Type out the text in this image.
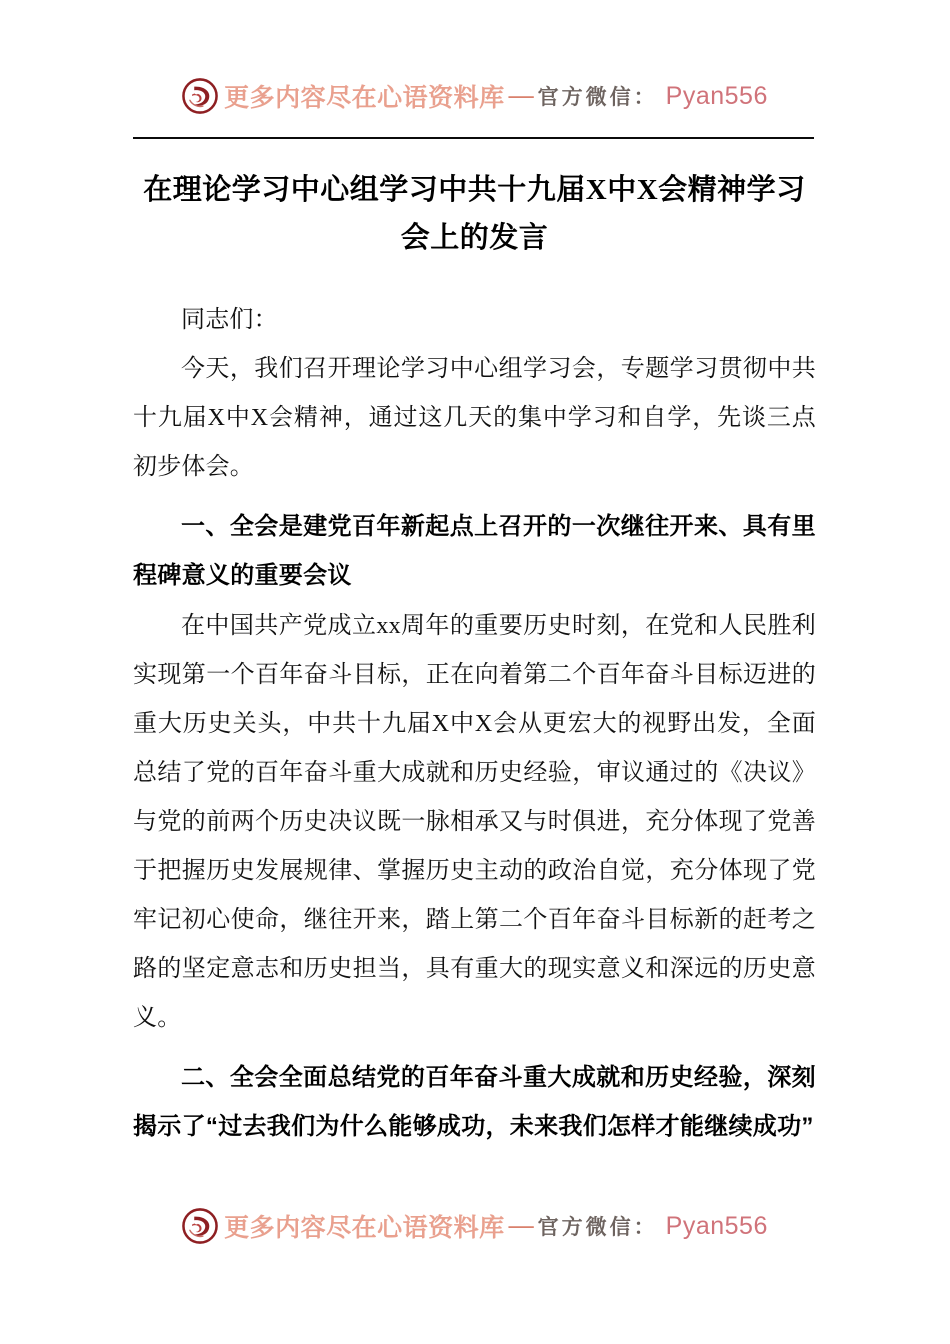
更多内容尽在心语资料库 — 官方微信： Pyan556
在理论学习中心组学习中共十九届X中X会精神学习会上的发言

同志们：

今天，我们召开理论学习中心组学习会，专题学习贯彻中共十九届X中X会精神，通过这几天的集中学习和自学，先谈三点初步体会。

一、全会是建党百年新起点上召开的一次继往开来、具有里程碑意义的重要会议

在中国共产党成立xx周年的重要历史时刻，在党和人民胜利实现第一个百年奋斗目标，正在向着第二个百年奋斗目标迈进的重大历史关头，中共十九届X中X会从更宏大的视野出发，全面总结了党的百年奋斗重大成就和历史经验，审议通过的《决议》与党的前两个历史决议既一脉相承又与时俱进，充分体现了党善于把握历史发展规律、掌握历史主动的政治自觉，充分体现了党牢记初心使命，继往开来，踏上第二个百年奋斗目标新的赶考之路的坚定意志和历史担当，具有重大的现实意义和深远的历史意义。

二、全会全面总结党的百年奋斗重大成就和历史经验，深刻揭示了“过去我们为什么能够成功，未来我们怎样才能继续成功”
更多内容尽在心语资料库 — 官方微信： Pyan556
